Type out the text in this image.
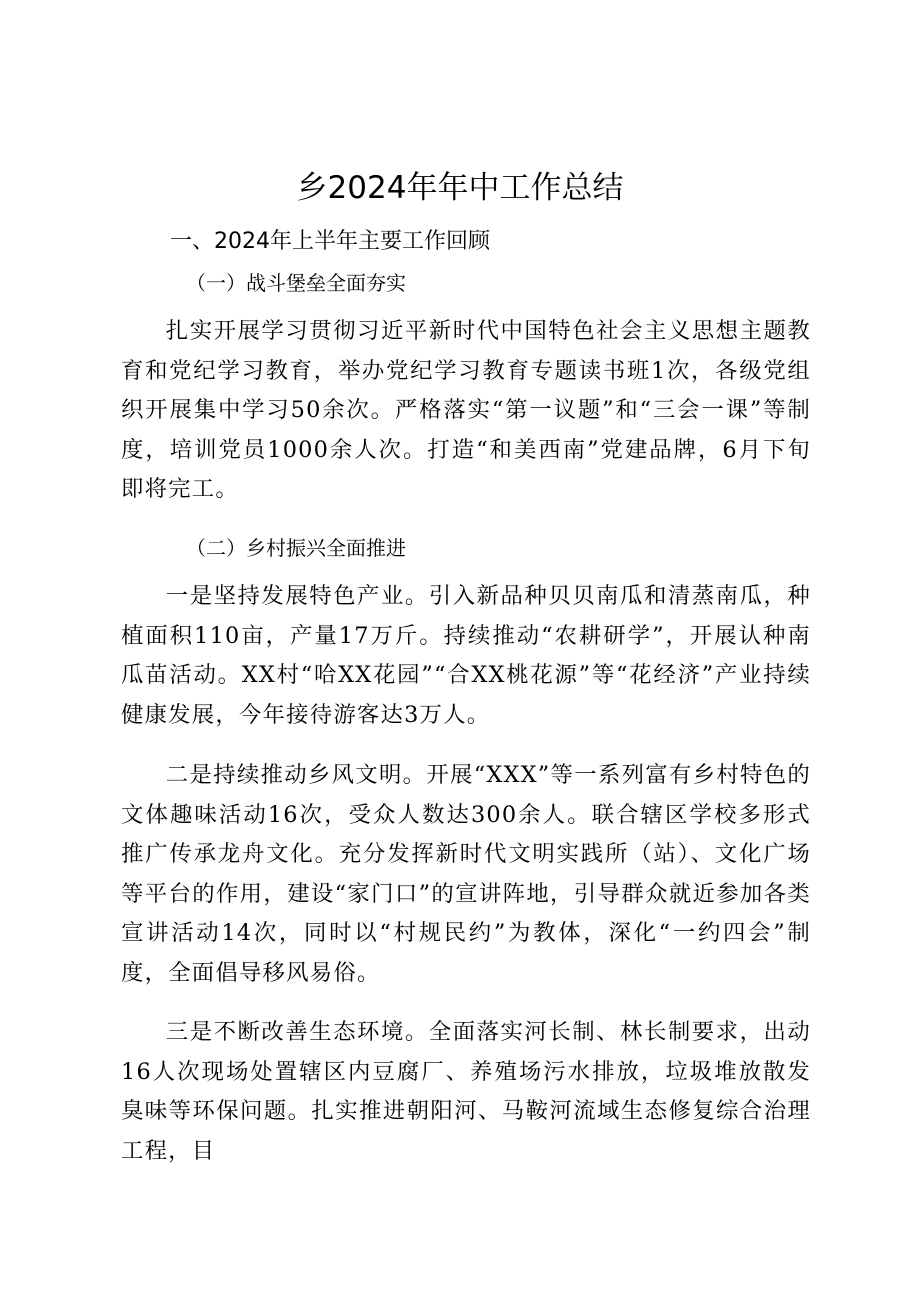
乡2024年年中工作总结
一、2024年上半年主要工作回顾
（一）战斗堡垒全面夯实

扎实开展学习贯彻习近平新时代中国特色社会主义思想主题教育和党纪学习教育，举办党纪学习教育专题读书班1次，各级党组织开展集中学习50余次。严格落实“第一议题”和“三会一课”等制度，培训党员1000余人次。打造“和美西南”党建品牌，6月下旬即将完工。

（二）乡村振兴全面推进

一是坚持发展特色产业。引入新品种贝贝南瓜和清蒸南瓜，种植面积110亩，产量17万斤。持续推动“农耕研学”，开展认种南瓜苗活动。XX村“哈XX花园”“合XX桃花源”等“花经济”产业持续健康发展，今年接待游客达3万人。

二是持续推动乡风文明。开展“XXX”等一系列富有乡村特色的文体趣味活动16次，受众人数达300余人。联合辖区学校多形式推广传承龙舟文化。充分发挥新时代文明实践所（站）、文化广场等平台的作用，建设“家门口”的宣讲阵地，引导群众就近参加各类宣讲活动14次，同时以“村规民约”为教体，深化“一约四会”制度，全面倡导移风易俗。

三是不断改善生态环境。全面落实河长制、林长制要求，出动16人次现场处置辖区内豆腐厂、养殖场污水排放，垃圾堆放散发臭味等环保问题。扎实推进朝阳河、马鞍河流域生态修复综合治理工程，目
